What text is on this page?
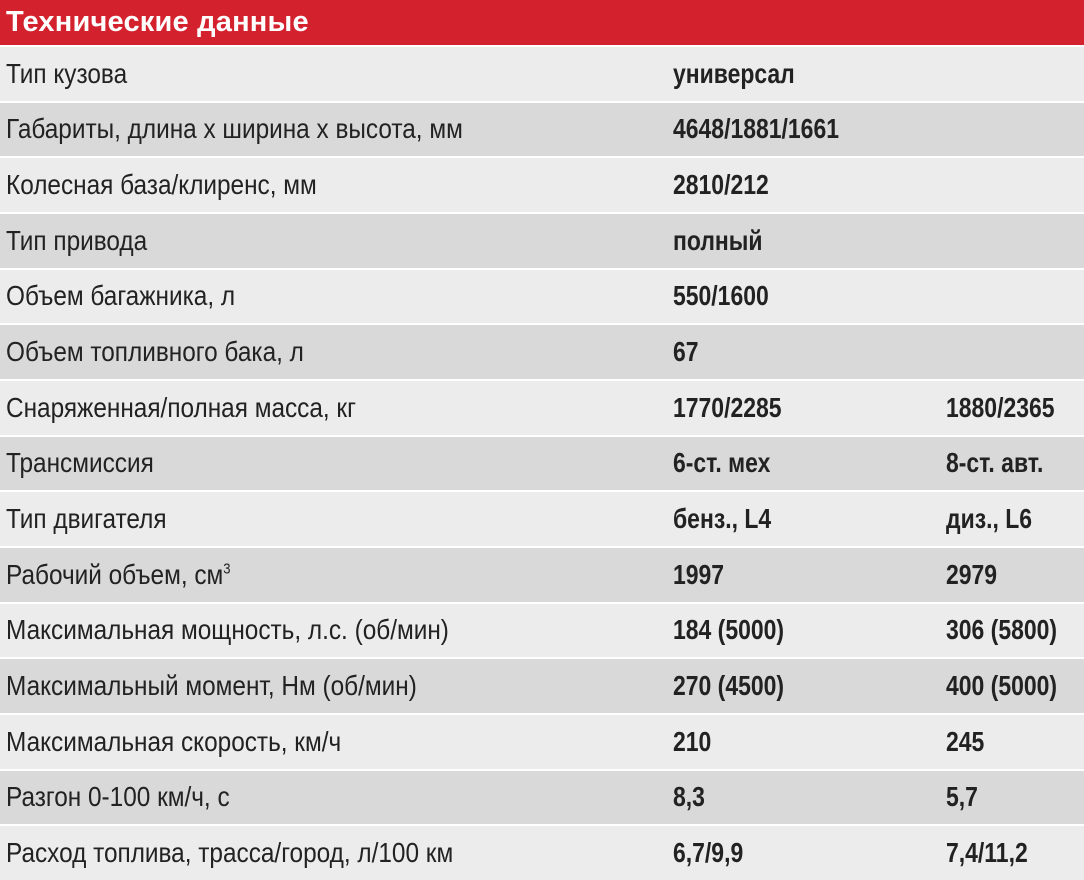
Технические данные
Тип кузова	универсал
Габариты, длина х ширина х высота, мм	4648/1881/1661
Колесная база/клиренс, мм	2810/212
Тип привода	полный
Объем багажника, л	550/1600
Объем топливного бака, л	67
Снаряженная/полная масса, кг	1770/2285	1880/2365
Трансмиссия	6-ст. мех	8-ст. авт.
Тип двигателя	бенз., L4	диз., L6
Рабочий объем, $см^3$	1997	2979
Максимальная мощность, л.с. (об/мин)	184 (5000)	306 (5800)
Максимальный момент, Нм (об/мин)	270 (4500)	400 (5000)
Максимальная скорость, км/ч	210	245
Разгон 0-100 км/ч, с	8,3	5,7
Расход топлива, трасса/город, л/100 км	6,7/9,9	7,4/11,2
